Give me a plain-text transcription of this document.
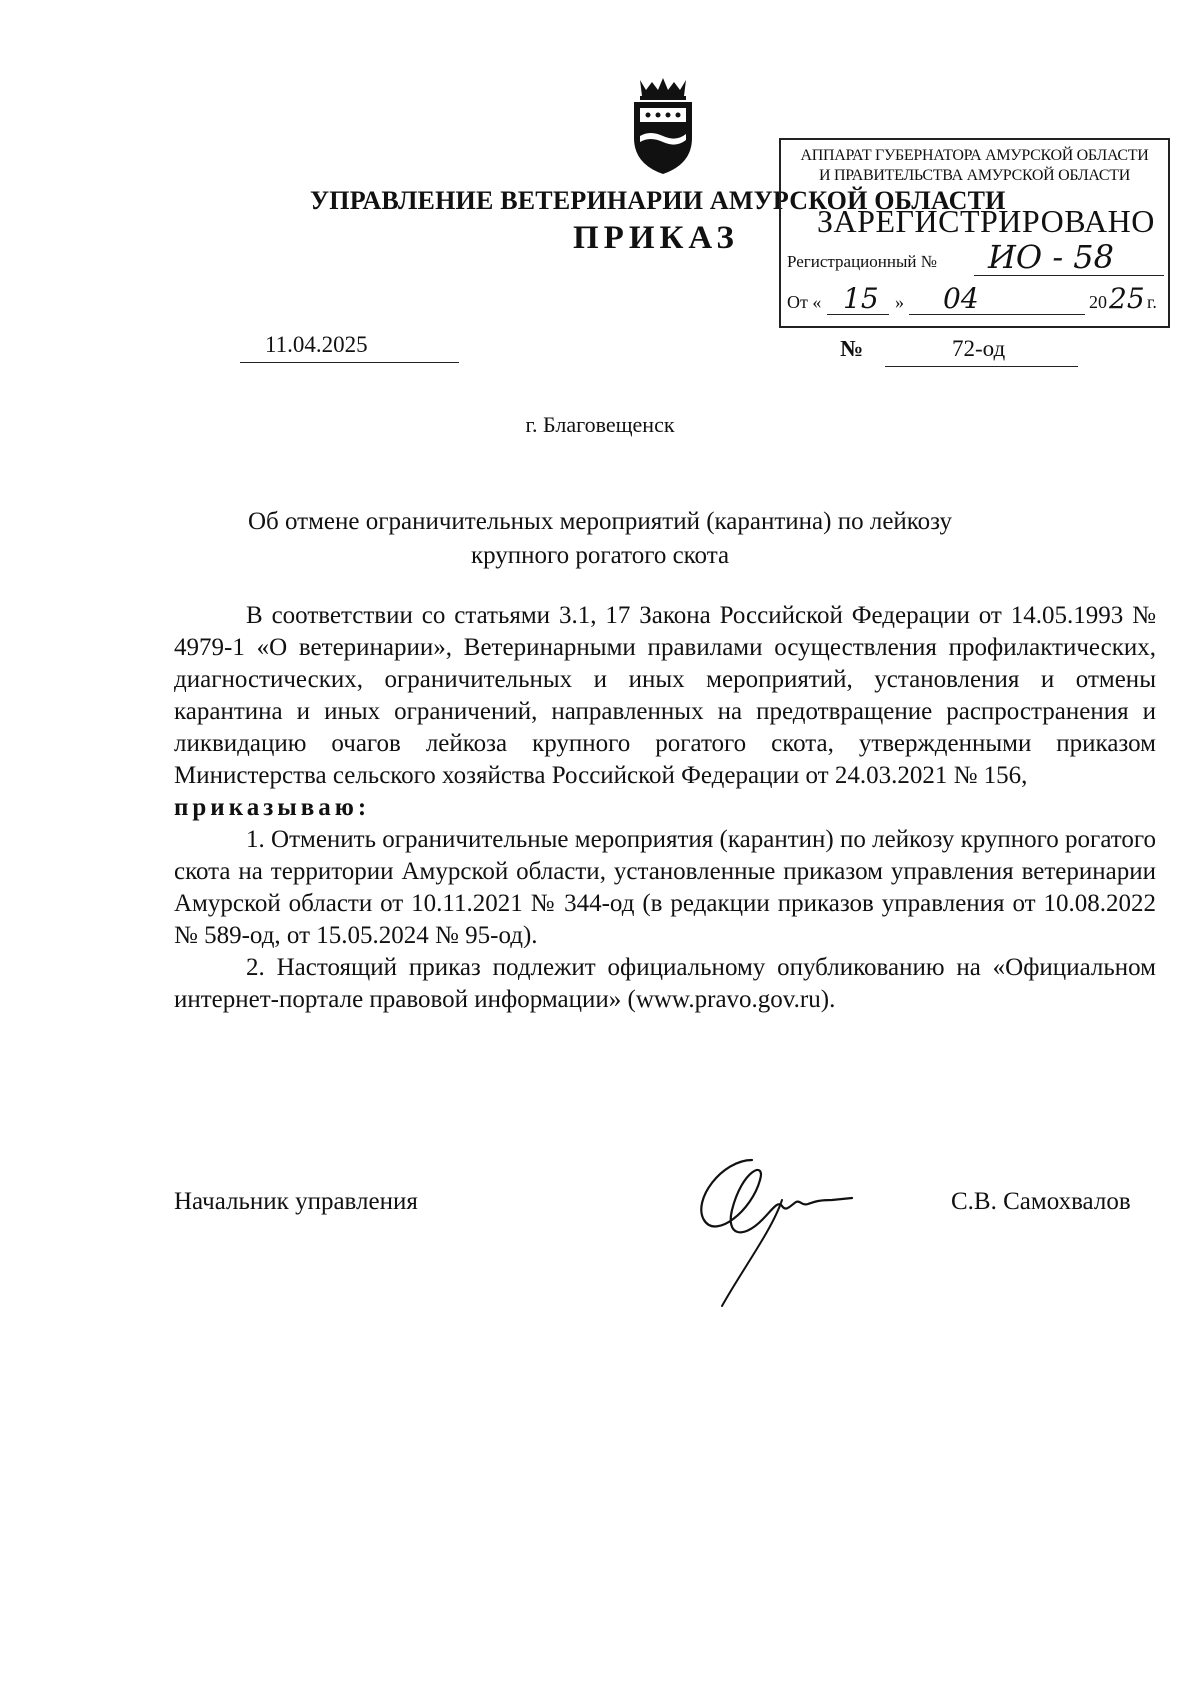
УПРАВЛЕНИЕ ВЕТЕРИНАРИИ АМУРСКОЙ ОБЛАСТИ
ПРИКАЗ
АППАРАТ ГУБЕРНАТОРА АМУРСКОЙ ОБЛАСТИ
И ПРАВИТЕЛЬСТВА АМУРСКОЙ ОБЛАСТИ
ЗАРЕГИСТРИРОВАНО
Регистрационный №	ИО - 58
От « 15 » 04	20 25 г.
11.04.2025	№	72-од
г. Благовещенск
Об отмене ограничительных мероприятий (карантина) по лейкозу
крупного рогатого скота

В соответствии со статьями 3.1, 17 Закона Российской Федерации от 14.05.1993 № 4979-1 «О ветеринарии», Ветеринарными правилами осуществления профилактических, диагностических, ограничительных и иных мероприятий, установления и отмены карантина и иных ограничений, направленных на предотвращение распространения и ликвидацию очагов лейкоза крупного рогатого скота, утвержденными приказом Министерства сельского хозяйства Российской Федерации от 24.03.2021 № 156,

приказываю:

1. Отменить ограничительные мероприятия (карантин) по лейкозу крупного рогатого скота на территории Амурской области, установленные приказом управления ветеринарии Амурской области от 10.11.2021 № 344-од (в редакции приказов управления от 10.08.2022 № 589-од, от 15.05.2024 № 95-од).

2. Настоящий приказ подлежит официальному опубликованию на «Официальном интернет-портале правовой информации» (www.pravo.gov.ru).

Начальник управления	С.В. Самохвалов
